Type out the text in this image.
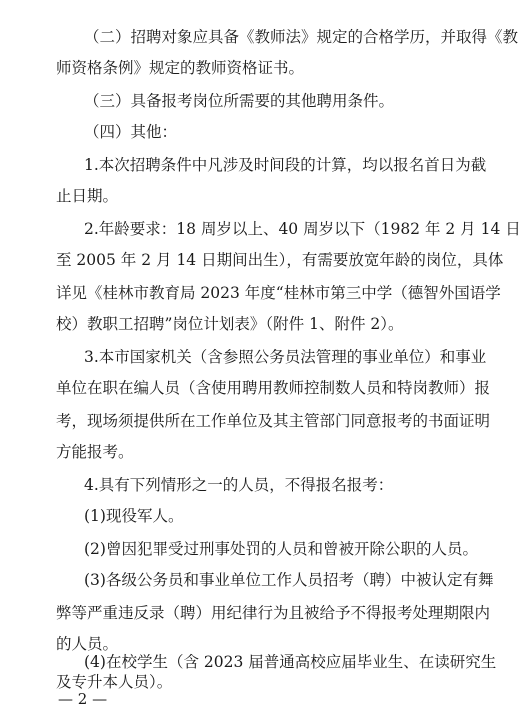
（二）招聘对象应具备《教师法》规定的合格学历，并取得《教
师资格条例》规定的教师资格证书。
（三）具备报考岗位所需要的其他聘用条件。
（四）其他：
1.本次招聘条件中凡涉及时间段的计算，均以报名首日为截
止日期。
2.年龄要求：18 周岁以上、40 周岁以下（1982 年 2 月 14 日
至 2005 年 2 月 14 日期间出生），有需要放宽年龄的岗位，具体
详见《桂林市教育局 2023 年度“桂林市第三中学（德智外国语学
校）教职工招聘”岗位计划表》（附件 1、附件 2）。
3.本市国家机关（含参照公务员法管理的事业单位）和事业
单位在职在编人员（含使用聘用教师控制数人员和特岗教师）报
考，现场须提供所在工作单位及其主管部门同意报考的书面证明
方能报考。
4.具有下列情形之一的人员，不得报名报考：
(1)现役军人。
(2)曾因犯罪受过刑事处罚的人员和曾被开除公职的人员。
(3)各级公务员和事业单位工作人员招考（聘）中被认定有舞
弊等严重违反录（聘）用纪律行为且被给予不得报考处理期限内
的人员。
(4)在校学生（含 2023 届普通高校应届毕业生、在读研究生
及专升本人员）。
— 2 —
